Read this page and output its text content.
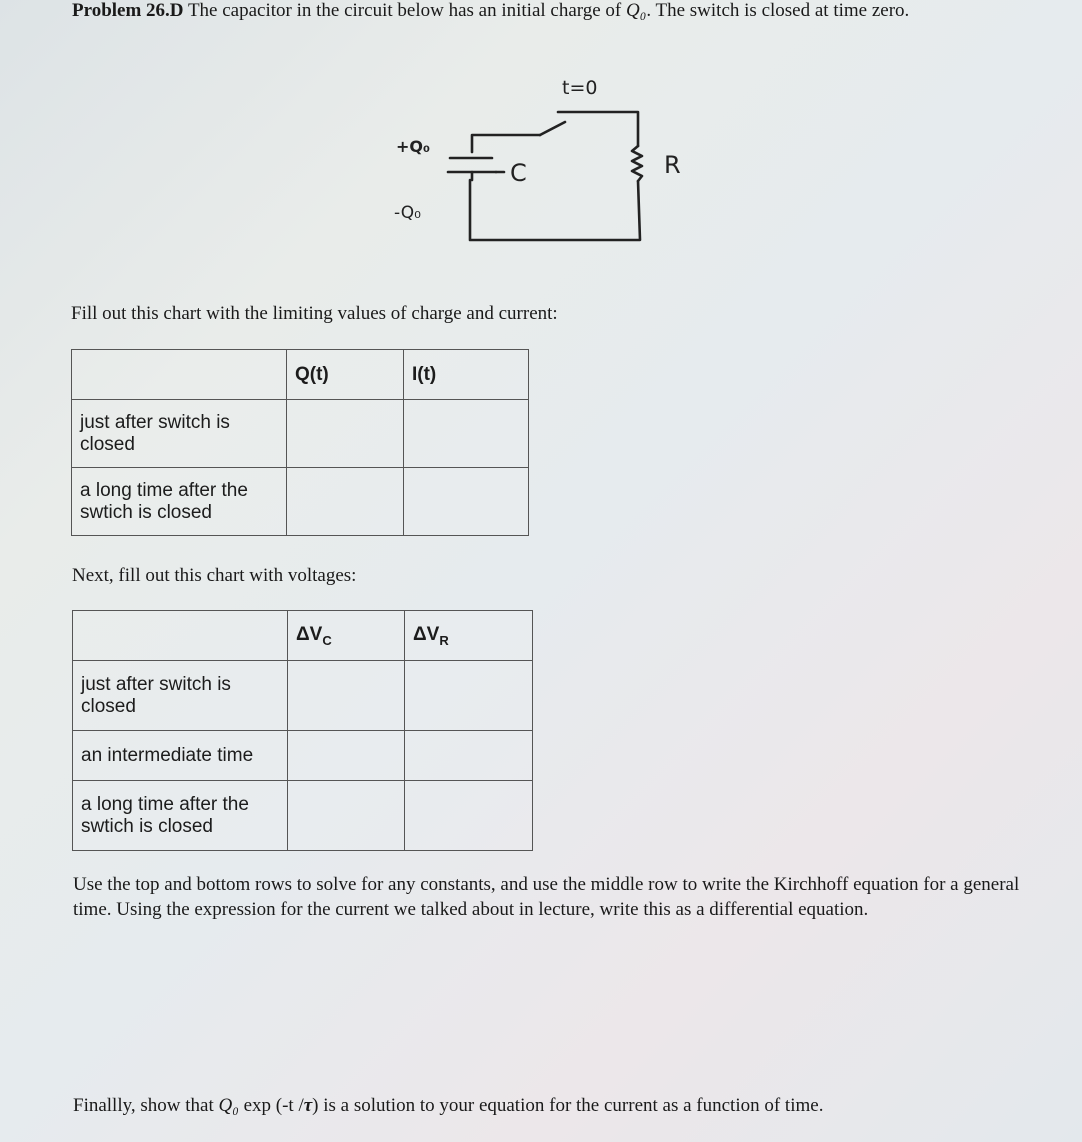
Problem 26.D The capacitor in the circuit below has an initial charge of Q₀. The switch is closed at time zero.
t=0
+Q₀
-Q₀
C	R
Fill out this chart with the limiting values of charge and current:
	Q(t)	I(t)
just after switch is closed		
a long time after the swtich is closed		
Next, fill out this chart with voltages:
	$\Delta V_C$	$\Delta V_R$
just after switch is closed		
an intermediate time		
a long time after the swtich is closed		
Use the top and bottom rows to solve for any constants, and use the middle row to write the Kirchhoff equation for a general time. Using the expression for the current we talked about in lecture, write this as a differential equation.
Finallly, show that Q₀ exp (-t /τ) is a solution to your equation for the current as a function of time.
